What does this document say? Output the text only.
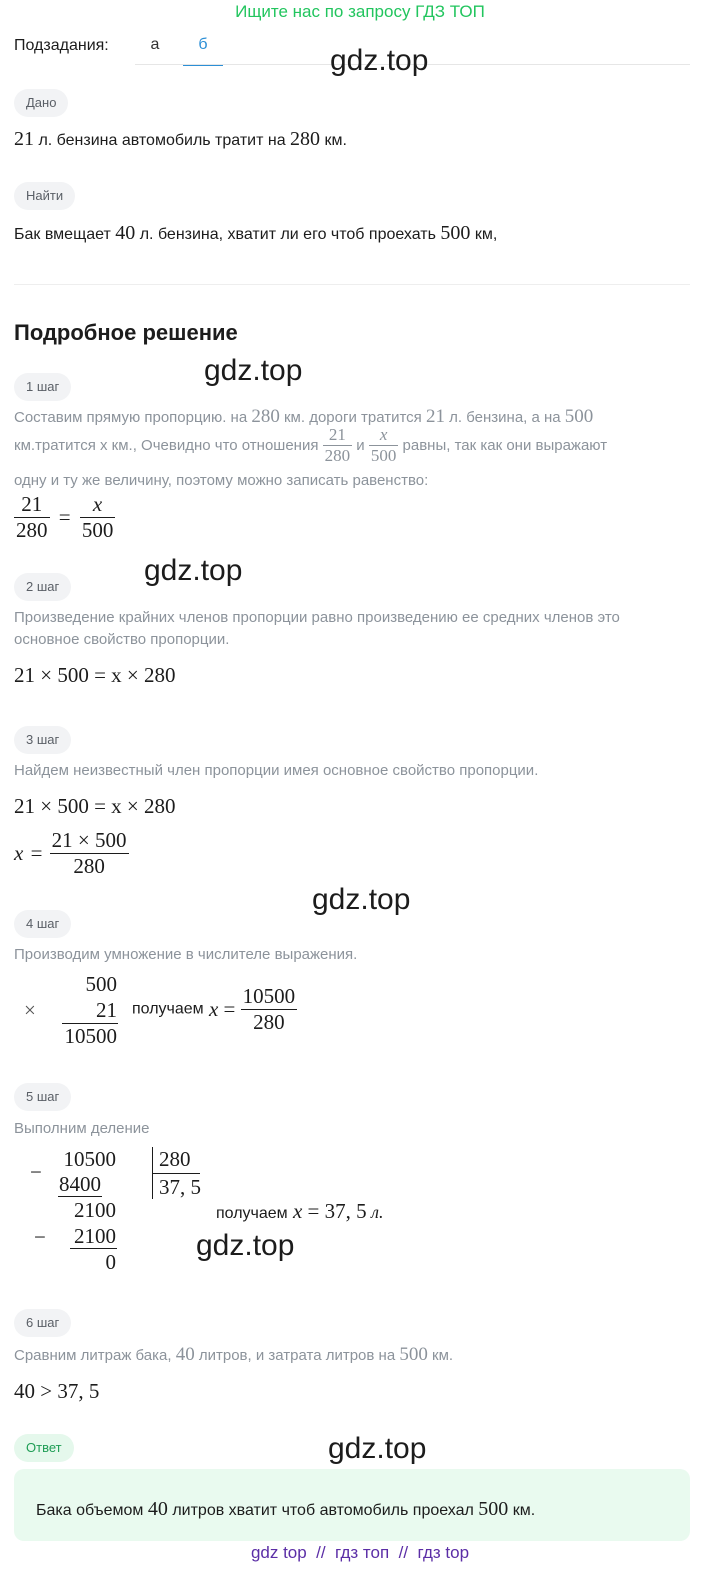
Ищите нас по запросу ГДЗ ТОП
Подзадания:	а	б	gdz.top
Дано
21 л. бензина автомобиль тратит на 280 км.
Найти
Бак вмещает 40 л. бензина, хватит ли его чтоб проехать 500 км,
Подробное решение
gdz.top
1 шаг
Составим прямую пропорцию. на 280 км. дороги тратится 21 л. бензина, а на 500
км.тратится х км., Очевидно что отношения $\frac{21}{280}$ и $\frac{x}{500}$ равны, так как они выражают
одну и ту же величину, поэтому можно записать равенство:
$\frac{21}{280} = \frac{x}{500}$
gdz.top
2 шаг
Произведение крайних членов пропорции равно произведению ее средних членов это
основное свойство пропорции.
21 × 500 = x × 280
3 шаг
Найдем неизвестный член пропорции имея основное свойство пропорции.
21 × 500 = x × 280
$x = \frac{21 \times 500}{280}$
gdz.top
4 шаг
Производим умножение в числителе выражения.
×
500
21
10500
получаем $x = \frac{10500}{280}$
5 шаг
Выполним деление
−
10500
8400
2100
−	2100
0
280
37, 5
получаем x = 37, 5 л.
gdz.top
6 шаг
Сравним литраж бака, 40 литров, и затрата литров на 500 км.
40 > 37, 5
Ответ	gdz.top
Бака объемом 40 литров хватит чтоб автомобиль проехал 500 км.
gdz top  //  гдз топ  //  гдз top
